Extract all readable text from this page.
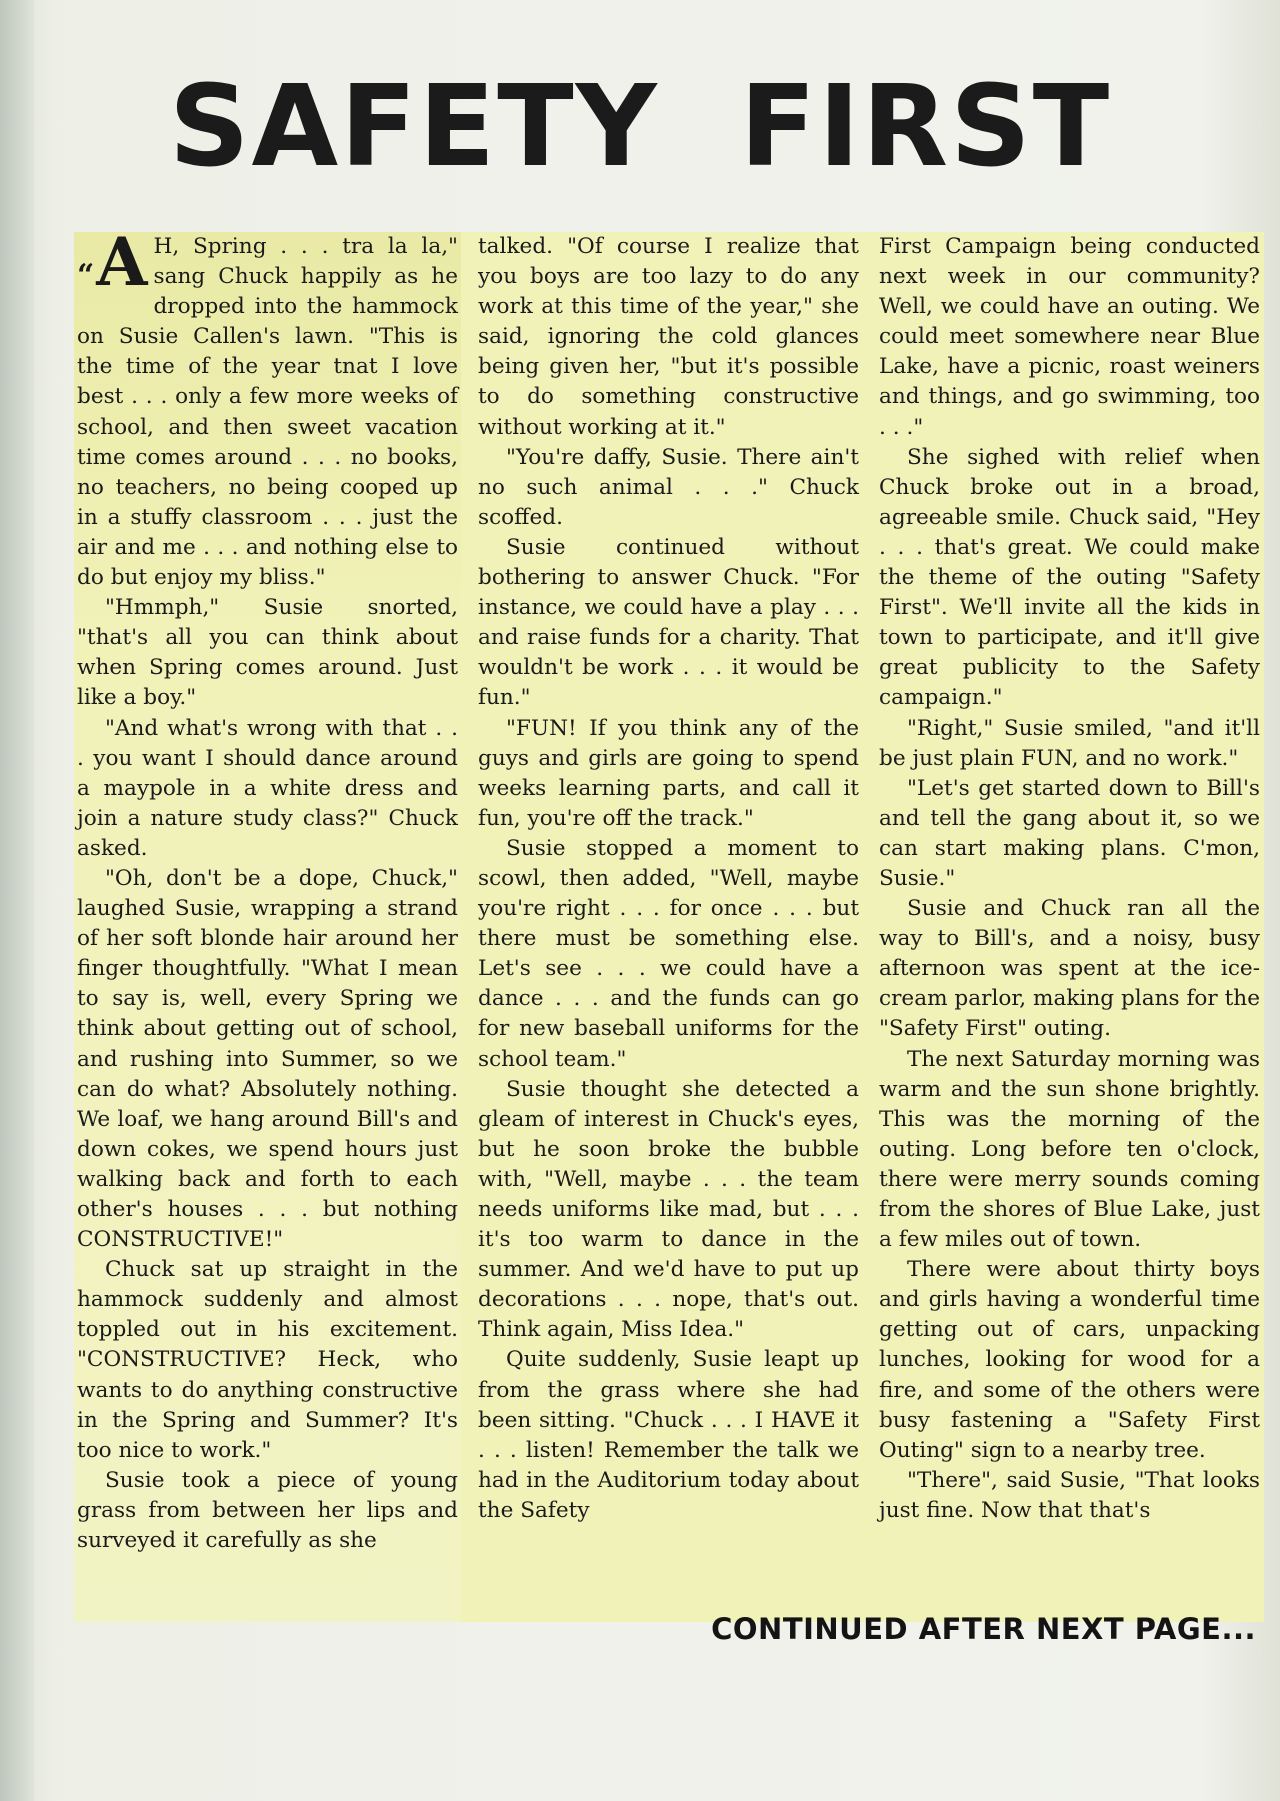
SAFETY FIRST

“A H, Spring . . . tra la la," sang Chuck happily as he dropped into the hammock on Susie Callen's lawn. "This is the time of the year tnat I love best . . . only a few more weeks of school, and then sweet vacation time comes around . . . no books, no teachers, no being cooped up in a stuffy classroom . . . just the air and me . . . and nothing else to do but enjoy my bliss."

"Hmmph," Susie snorted, "that's all you can think about when Spring comes around. Just like a boy."

"And what's wrong with that . . . you want I should dance around a maypole in a white dress and join a nature study class?" Chuck asked.

"Oh, don't be a dope, Chuck," laughed Susie, wrapping a strand of her soft blonde hair around her finger thoughtfully. "What I mean to say is, well, every Spring we think about getting out of school, and rushing into Summer, so we can do what? Absolutely nothing. We loaf, we hang around Bill's and down cokes, we spend hours just walking back and forth to each other's houses . . . but nothing CONSTRUCTIVE!"

Chuck sat up straight in the hammock suddenly and almost toppled out in his excitement. "CONSTRUCTIVE? Heck, who wants to do anything constructive in the Spring and Summer? It's too nice to work."

Susie took a piece of young grass from between her lips and surveyed it carefully as she

talked. "Of course I realize that you boys are too lazy to do any work at this time of the year," she said, ignoring the cold glances being given her, "but it's possible to do something constructive without working at it."

"You're daffy, Susie. There ain't no such animal . . ." Chuck scoffed.

Susie continued without bothering to answer Chuck. "For instance, we could have a play . . . and raise funds for a charity. That wouldn't be work . . . it would be fun."

"FUN! If you think any of the guys and girls are going to spend weeks learning parts, and call it fun, you're off the track."

Susie stopped a moment to scowl, then added, "Well, maybe you're right . . . for once . . . but there must be something else. Let's see . . . we could have a dance . . . and the funds can go for new baseball uniforms for the school team."

Susie thought she detected a gleam of interest in Chuck's eyes, but he soon broke the bubble with, "Well, maybe . . . the team needs uniforms like mad, but . . . it's too warm to dance in the summer. And we'd have to put up decorations . . . nope, that's out. Think again, Miss Idea."

Quite suddenly, Susie leapt up from the grass where she had been sitting. "Chuck . . . I HAVE it . . . listen! Remember the talk we had in the Auditorium today about the Safety

First Campaign being conducted next week in our community? Well, we could have an outing. We could meet somewhere near Blue Lake, have a picnic, roast weiners and things, and go swimming, too . . ."

She sighed with relief when Chuck broke out in a broad, agreeable smile. Chuck said, "Hey . . . that's great. We could make the theme of the outing "Safety First". We'll invite all the kids in town to participate, and it'll give great publicity to the Safety campaign."

"Right," Susie smiled, "and it'll be just plain FUN, and no work."

"Let's get started down to Bill's and tell the gang about it, so we can start making plans. C'mon, Susie."

Susie and Chuck ran all the way to Bill's, and a noisy, busy afternoon was spent at the ice-cream parlor, making plans for the "Safety First" outing.

The next Saturday morning was warm and the sun shone brightly. This was the morning of the outing. Long before ten o'clock, there were merry sounds coming from the shores of Blue Lake, just a few miles out of town.

There were about thirty boys and girls having a wonderful time getting out of cars, unpacking lunches, looking for wood for a fire, and some of the others were busy fastening a "Safety First Outing" sign to a nearby tree.

"There", said Susie, "That looks just fine. Now that that's

CONTINUED AFTER NEXT PAGE...
